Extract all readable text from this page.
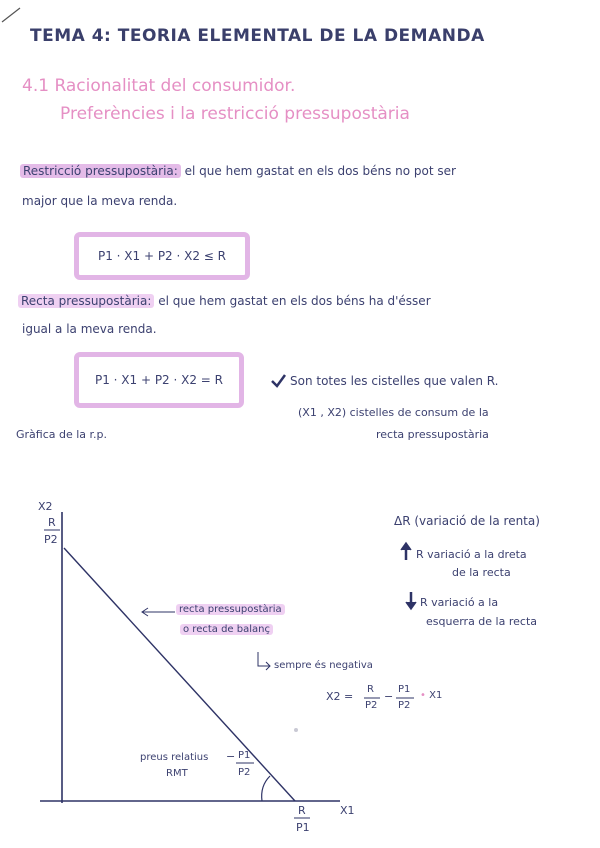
TEMA 4: TEORIA ELEMENTAL DE LA DEMANDA
4.1 Racionalitat del consumidor.
Preferències i la restricció pressupostària
Restricció pressupostària: el que hem gastat en els dos béns no pot ser
major que la meva renda.
P1 · X1 + P2 · X2 ≤ R
Recta pressupostària: el que hem gastat en els dos béns ha d'ésser
igual a la meva renda.
P1 · X1 + P2 · X2 = R	Son totes les cistelles que valen R.
(X1 , X2) cistelles de consum de la
recta pressupostària
Gràfica de la r.p.
X2
R
P2
X1
R
P1
recta pressupostària
o recta de balanç
sempre és negativa
X2 =
R
P2
−
P1
P2
• X1
preus relatius
RMT
− P1
P2
ΔR (variació de la renta)
R variació a la dreta
de la recta
R variació a la
esquerra de la recta
